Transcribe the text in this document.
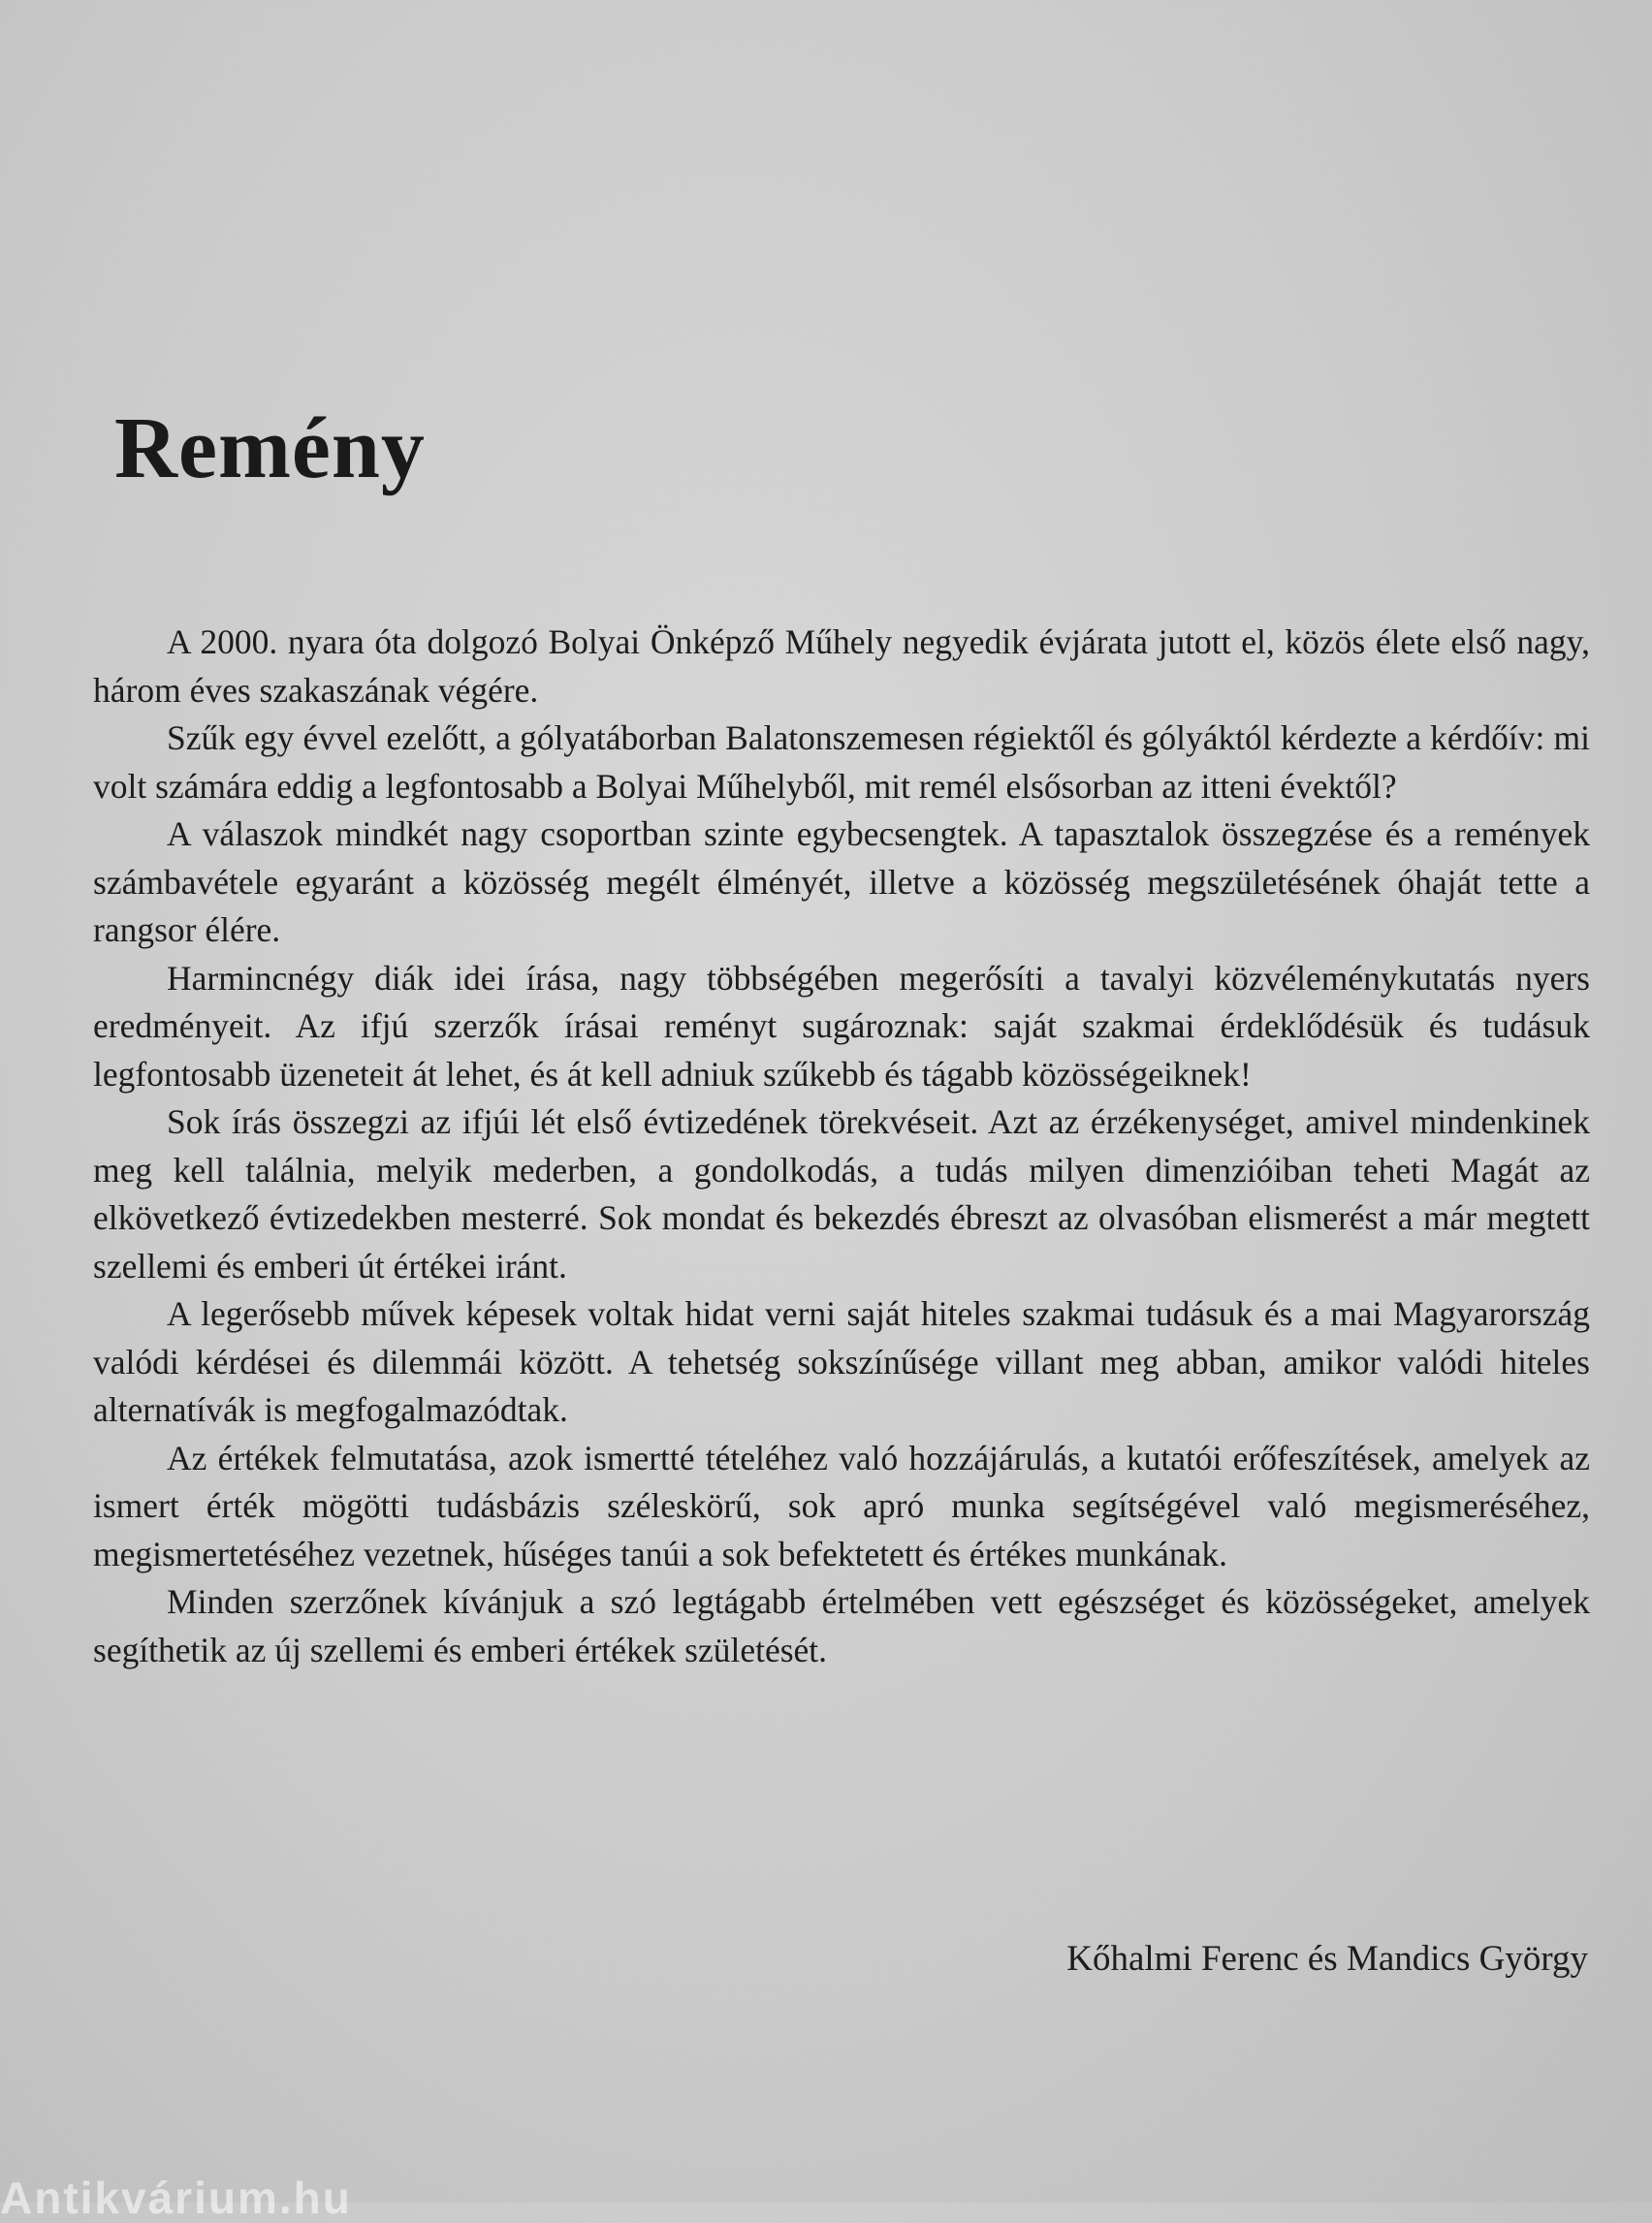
Remény

A 2000. nyara óta dolgozó Bolyai Önképző Műhely negyedik évjárata jutott el, közös élete első nagy, három éves szakaszának végére.

Szűk egy évvel ezelőtt, a gólyatáborban Balatonszemesen régiektől és gólyáktól kérdezte a kérdőív: mi volt számára eddig a legfontosabb a Bolyai Műhelyből, mit remél elsősorban az itteni évektől?

A válaszok mindkét nagy csoportban szinte egybecsengtek. A tapasztalok összegzése és a remények számbavétele egyaránt a közösség megélt élményét, illetve a közösség megszületésének óhaját tette a rangsor élére.

Harmincnégy diák idei írása, nagy többségében megerősíti a tavalyi közvéleménykutatás nyers eredményeit. Az ifjú szerzők írásai reményt sugároznak: saját szakmai érdeklődésük és tudásuk legfontosabb üzeneteit át lehet, és át kell adniuk szűkebb és tágabb közösségeiknek!

Sok írás összegzi az ifjúi lét első évtizedének törekvéseit. Azt az érzékenységet, amivel mindenkinek meg kell találnia, melyik mederben, a gondolkodás, a tudás milyen dimenzióiban teheti Magát az elkövetkező évtizedekben mesterré. Sok mondat és bekezdés ébreszt az olvasóban elismerést a már megtett szellemi és emberi út értékei iránt.

A legerősebb művek képesek voltak hidat verni saját hiteles szakmai tudásuk és a mai Magyarország valódi kérdései és dilemmái között. A tehetség sokszínűsége villant meg abban, amikor valódi hiteles alternatívák is megfogalmazódtak.

Az értékek felmutatása, azok ismertté tételéhez való hozzájárulás, a kutatói erőfeszítések, amelyek az ismert érték mögötti tudásbázis széleskörű, sok apró munka segítségével való megismeréséhez, megismertetéséhez vezetnek, hűséges tanúi a sok befektetett és értékes munkának.

Minden szerzőnek kívánjuk a szó legtágabb értelmében vett egészséget és közösségeket, amelyek segíthetik az új szellemi és emberi értékek születését.

Kőhalmi Ferenc és Mandics György

Antikvárium.hu
